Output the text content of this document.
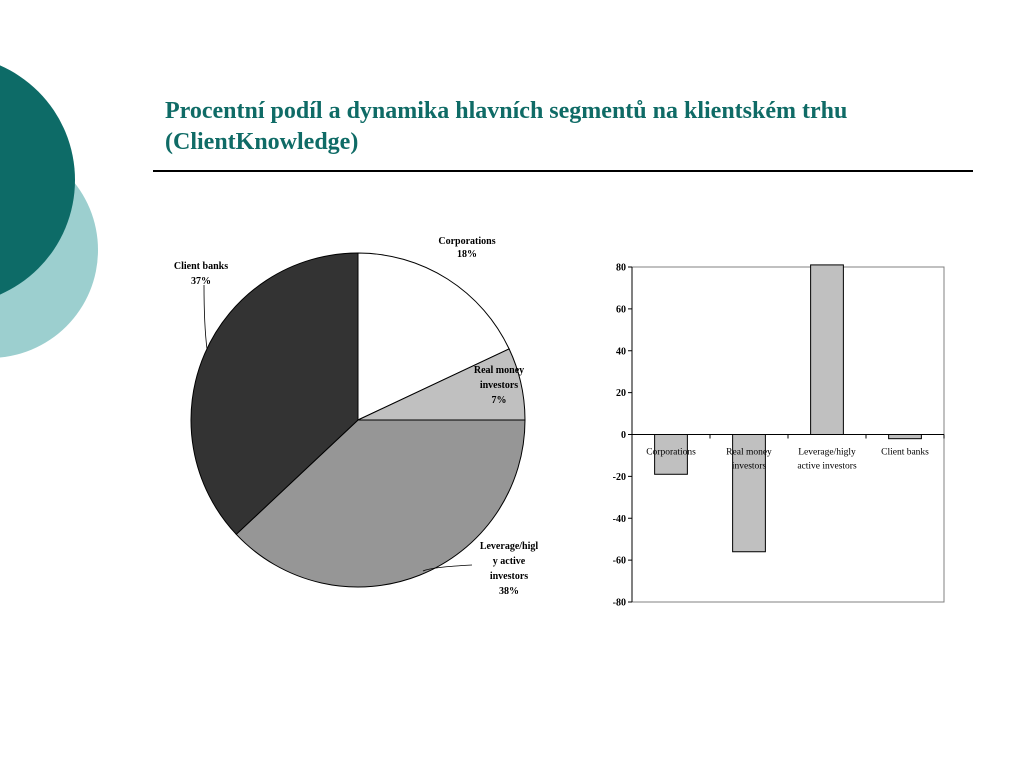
Procentní podíl a dynamika hlavních segmentů na klientském trhu
(ClientKnowledge)
Corporations 18%
Real money investors 7%
Leverage/higl y active investors 38%
Client banks 37%
80
60
40
20
0
-20
-40
-60
-80
Corporations	Real money investors
Leverage/higly active investors
Client banks
